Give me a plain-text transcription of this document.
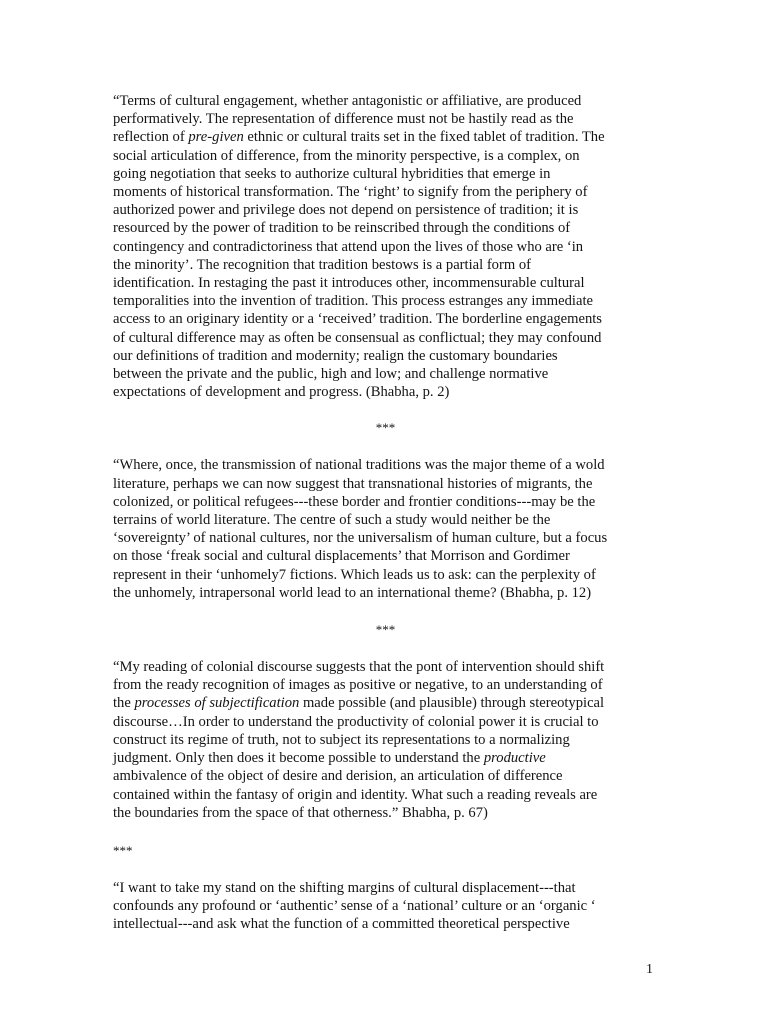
“Terms of cultural engagement, whether antagonistic or affiliative, are produced
performatively. The representation of difference must not be hastily read as the
reflection of pre-given ethnic or cultural traits set in the fixed tablet of tradition. The
social articulation of difference, from the minority perspective, is a complex, on
going negotiation that seeks to authorize cultural hybridities that emerge in
moments of historical transformation. The ‘right’ to signify from the periphery of
authorized power and privilege does not depend on persistence of tradition; it is
resourced by the power of tradition to be reinscribed through the conditions of
contingency and contradictoriness that attend upon the lives of those who are ‘in
the minority’. The recognition that tradition bestows is a partial form of
identification. In restaging the past it introduces other, incommensurable cultural
temporalities into the invention of tradition. This process estranges any immediate
access to an originary identity or a ‘received’ tradition. The borderline engagements
of cultural difference may as often be consensual as conflictual; they may confound
our definitions of tradition and modernity; realign the customary boundaries
between the private and the public, high and low; and challenge normative
expectations of development and progress. (Bhabha, p. 2)

***

“Where, once, the transmission of national traditions was the major theme of a wold
literature, perhaps we can now suggest that transnational histories of migrants, the
colonized, or political refugees---these border and frontier conditions---may be the
terrains of world literature. The centre of such a study would neither be the
‘sovereignty’ of national cultures, nor the universalism of human culture, but a focus
on those ‘freak social and cultural displacements’ that Morrison and Gordimer
represent in their ‘unhomely7 fictions. Which leads us to ask: can the perplexity of
the unhomely, intrapersonal world lead to an international theme? (Bhabha, p. 12)

***

“My reading of colonial discourse suggests that the pont of intervention should shift
from the ready recognition of images as positive or negative, to an understanding of
the processes of subjectification made possible (and plausible) through stereotypical
discourse…In order to understand the productivity of colonial power it is crucial to
construct its regime of truth, not to subject its representations to a normalizing
judgment. Only then does it become possible to understand the productive
ambivalence of the object of desire and derision, an articulation of difference
contained within the fantasy of origin and identity. What such a reading reveals are
the boundaries from the space of that otherness.” Bhabha, p. 67)

***

“I want to take my stand on the shifting margins of cultural displacement---that
confounds any profound or ‘authentic’ sense of a ‘national’ culture or an ‘organic ‘
intellectual---and ask what the function of a committed theoretical perspective

1
